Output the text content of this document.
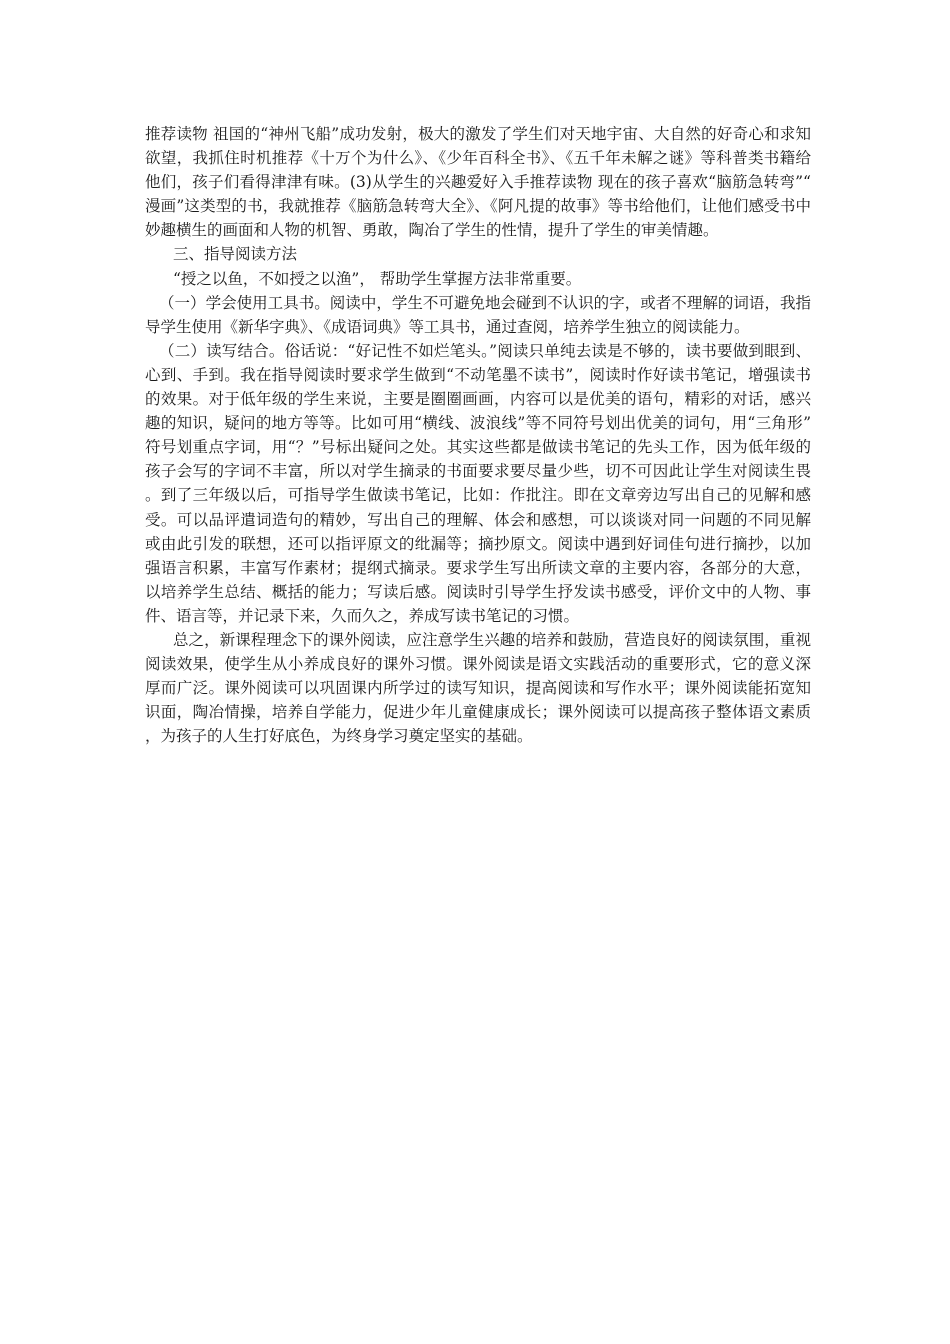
推荐读物 祖国的“神州飞船”成功发射，极大的激发了学生们对天地宇宙、大自然的好奇心和求知欲望，我抓住时机推荐《十万个为什么》、《少年百科全书》、《五千年未解之谜》等科普类书籍给他们，孩子们看得津津有味。(3)从学生的兴趣爱好入手推荐读物 现在的孩子喜欢“脑筋急转弯”“漫画”这类型的书，我就推荐《脑筋急转弯大全》、《阿凡提的故事》等书给他们，让他们感受书中妙趣横生的画面和人物的机智、勇敢，陶冶了学生的性情，提升了学生的审美情趣。

三、指导阅读方法

“授之以鱼，不如授之以渔”， 帮助学生掌握方法非常重要。

（一）学会使用工具书。阅读中，学生不可避免地会碰到不认识的字，或者不理解的词语，我指导学生使用《新华字典》、《成语词典》等工具书，通过查阅，培养学生独立的阅读能力。

（二）读写结合。俗话说：“好记性不如烂笔头。”阅读只单纯去读是不够的，读书要做到眼到、心到、手到。我在指导阅读时要求学生做到“不动笔墨不读书”，阅读时作好读书笔记，增强读书的效果。对于低年级的学生来说，主要是圈圈画画，内容可以是优美的语句，精彩的对话，感兴趣的知识，疑问的地方等等。比如可用“横线、波浪线”等不同符号划出优美的词句，用“三角形”符号划重点字词，用“？”号标出疑问之处。其实这些都是做读书笔记的先头工作，因为低年级的孩子会写的字词不丰富，所以对学生摘录的书面要求要尽量少些，切不可因此让学生对阅读生畏。到了三年级以后，可指导学生做读书笔记，比如：作批注。即在文章旁边写出自己的见解和感受。可以品评遣词造句的精妙，写出自己的理解、体会和感想，可以谈谈对同一问题的不同见解或由此引发的联想，还可以指评原文的纰漏等；摘抄原文。阅读中遇到好词佳句进行摘抄，以加强语言积累，丰富写作素材；提纲式摘录。要求学生写出所读文章的主要内容，各部分的大意，以培养学生总结、概括的能力；写读后感。阅读时引导学生抒发读书感受，评价文中的人物、事件、语言等，并记录下来，久而久之，养成写读书笔记的习惯。

总之，新课程理念下的课外阅读，应注意学生兴趣的培养和鼓励，营造良好的阅读氛围，重视阅读效果，使学生从小养成良好的课外习惯。课外阅读是语文实践活动的重要形式，它的意义深厚而广泛。课外阅读可以巩固课内所学过的读写知识，提高阅读和写作水平；课外阅读能拓宽知识面，陶冶情操，培养自学能力，促进少年儿童健康成长；课外阅读可以提高孩子整体语文素质，为孩子的人生打好底色，为终身学习奠定坚实的基础。
